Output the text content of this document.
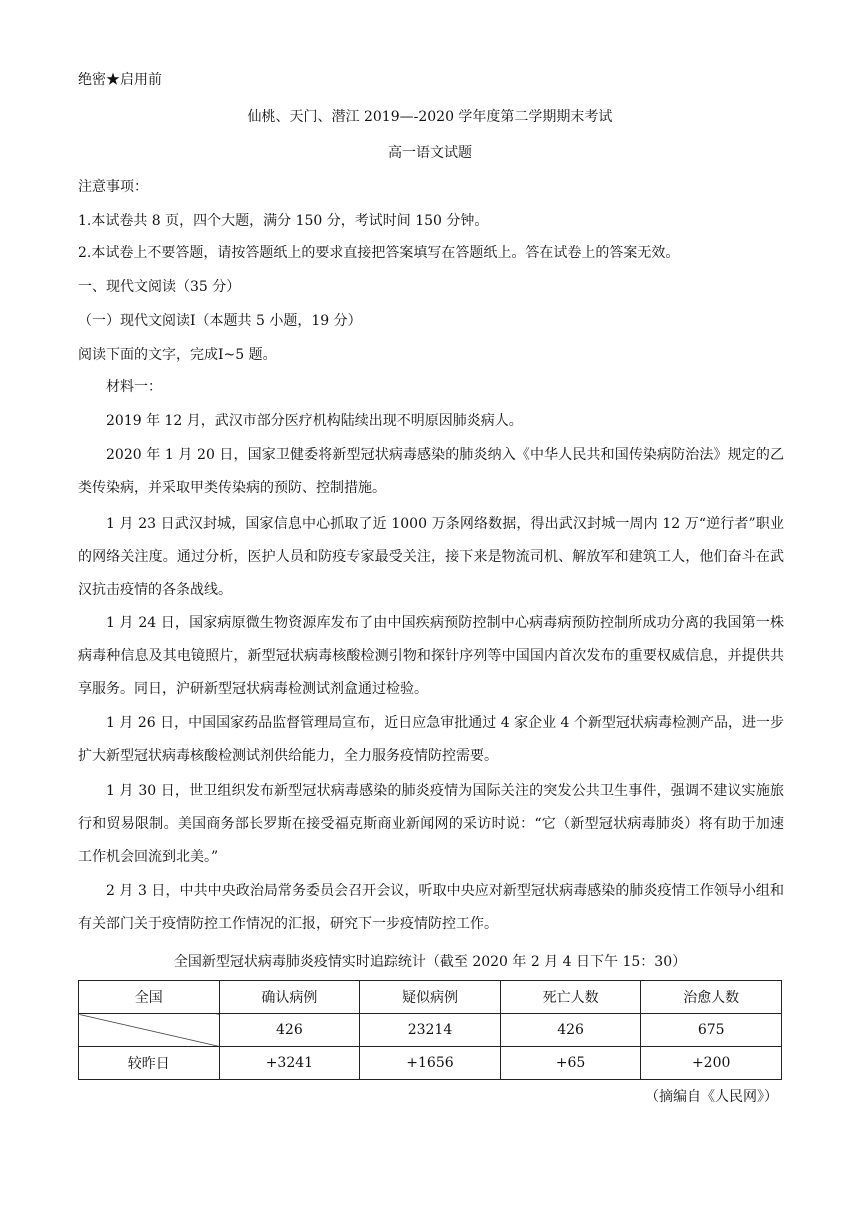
绝密★启用前
仙桃、天门、潜江 2019—-2020 学年度第二学期期末考试
高一语文试题
注意事项：
1.本试卷共 8 页，四个大题，满分 150 分，考试时间 150 分钟。
2.本试卷上不要答题，请按答题纸上的要求直接把答案填写在答题纸上。答在试卷上的答案无效。
一、现代文阅读（35 分）
（一）现代文阅读Ⅰ（本题共 5 小题，19 分）
阅读下面的文字，完成Ⅰ~5 题。
材料一：
2019 年 12 月，武汉市部分医疗机构陆续出现不明原因肺炎病人。
2020 年 1 月 20 日，国家卫健委将新型冠状病毒感染的肺炎纳入《中华人民共和国传染病防治法》规定的乙类传染病，并采取甲类传染病的预防、控制措施。
1 月 23 日武汉封城，国家信息中心抓取了近 1000 万条网络数据，得出武汉封城一周内 12 万“逆行者”职业的网络关注度。通过分析，医护人员和防疫专家最受关注，接下来是物流司机、解放军和建筑工人，他们奋斗在武汉抗击疫情的各条战线。
1 月 24 日，国家病原微生物资源库发布了由中国疾病预防控制中心病毒病预防控制所成功分离的我国第一株病毒种信息及其电镜照片，新型冠状病毒核酸检测引物和探针序列等中国国内首次发布的重要权威信息，并提供共享服务。同日，沪研新型冠状病毒检测试剂盒通过检验。
1 月 26 日，中国国家药品监督管理局宣布，近日应急审批通过 4 家企业 4 个新型冠状病毒检测产品，进一步扩大新型冠状病毒核酸检测试剂供给能力，全力服务疫情防控需要。
1 月 30 日，世卫组织发布新型冠状病毒感染的肺炎疫情为国际关注的突发公共卫生事件，强调不建议实施旅行和贸易限制。美国商务部长罗斯在接受福克斯商业新闻网的采访时说：“它（新型冠状病毒肺炎）将有助于加速工作机会回流到北美。”
2 月 3 日，中共中央政治局常务委员会召开会议，听取中央应对新型冠状病毒感染的肺炎疫情工作领导小组和有关部门关于疫情防控工作情况的汇报，研究下一步疫情防控工作。
全国新型冠状病毒肺炎疫情实时追踪统计（截至 2020 年 2 月 4 日下午 15：30）
全国	确认病例	疑似病例	死亡人数	治愈人数
	426	23214	426	675
较昨日	+3241	+1656	+65	+200
（摘编自《人民网》）
